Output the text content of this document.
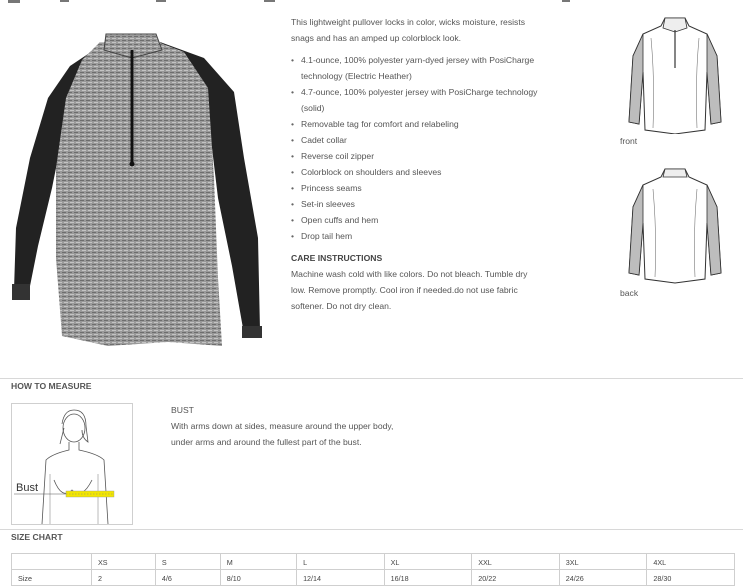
This lightweight pullover locks in color, wicks moisture, resists snags and has an amped up colorblock look.
• 4.1-ounce, 100% polyester yarn-dyed jersey with PosiCharge technology (Electric Heather)
• 4.7-ounce, 100% polyester jersey with PosiCharge technology (solid)
• Removable tag for comfort and relabeling
• Cadet collar
• Reverse coil zipper
• Colorblock on shoulders and sleeves
• Princess seams
• Set-in sleeves
• Open cuffs and hem
• Drop tail hem
CARE INSTRUCTIONS
Machine wash cold with like colors. Do not bleach. Tumble dry low. Remove promptly. Cool iron if needed.do not use fabric softener. Do not dry clean.
front
back
HOW TO MEASURE
Bust
BUST
With arms down at sides, measure around the upper body, under arms and around the fullest part of the bust.
SIZE CHART
	XS	S	M	L	XL	XXL	3XL	4XL
Size	2	4/6	8/10	12/14	16/18	20/22	24/26	28/30
